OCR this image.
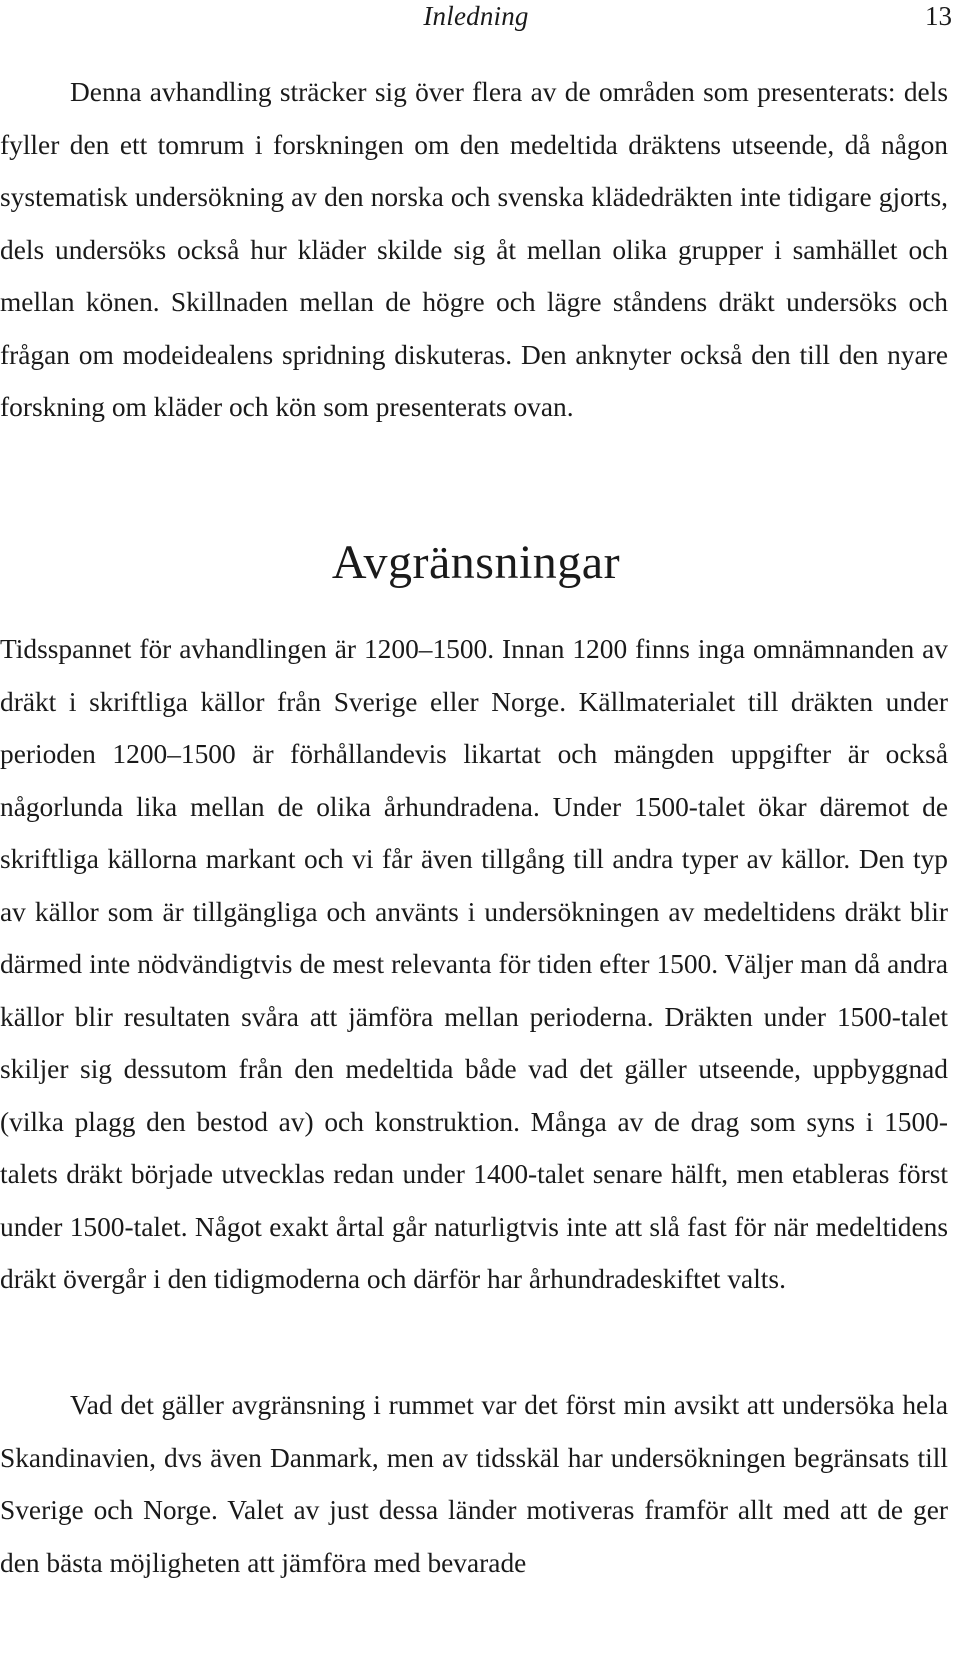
Inledning	13

Denna avhandling sträcker sig över flera av de områden som presenterats: dels fyller den ett tomrum i forskningen om den medeltida dräktens utseende, då någon systematisk undersökning av den norska och svenska klädedräkten inte tidigare gjorts, dels undersöks också hur kläder skilde sig åt mellan olika grupper i samhället och mellan könen. Skillnaden mellan de högre och lägre ståndens dräkt undersöks och frågan om modeidealens spridning diskuteras. Den anknyter också den till den nyare forskning om kläder och kön som presenterats ovan.

Avgränsningar

Tidsspannet för avhandlingen är 1200–1500. Innan 1200 finns inga omnämnanden av dräkt i skriftliga källor från Sverige eller Norge. Källmaterialet till dräkten under perioden 1200–1500 är förhållandevis likartat och mängden uppgifter är också någorlunda lika mellan de olika århundradena. Under 1500-talet ökar däremot de skriftliga källorna markant och vi får även tillgång till andra typer av källor. Den typ av källor som är tillgängliga och använts i undersökningen av medeltidens dräkt blir därmed inte nödvändigtvis de mest relevanta för tiden efter 1500. Väljer man då andra källor blir resultaten svåra att jämföra mellan perioderna. Dräkten under 1500-talet skiljer sig dessutom från den medeltida både vad det gäller utseende, uppbyggnad (vilka plagg den bestod av) och konstruktion. Många av de drag som syns i 1500-talets dräkt började utvecklas redan under 1400-talet senare hälft, men etableras först under 1500-talet. Något exakt årtal går naturligtvis inte att slå fast för när medeltidens dräkt övergår i den tidigmoderna och därför har århundradeskiftet valts.

Vad det gäller avgränsning i rummet var det först min avsikt att undersöka hela Skandinavien, dvs även Danmark, men av tidsskäl har undersökningen begränsats till Sverige och Norge. Valet av just dessa länder motiveras framför allt med att de ger den bästa möjligheten att jämföra med bevarade
